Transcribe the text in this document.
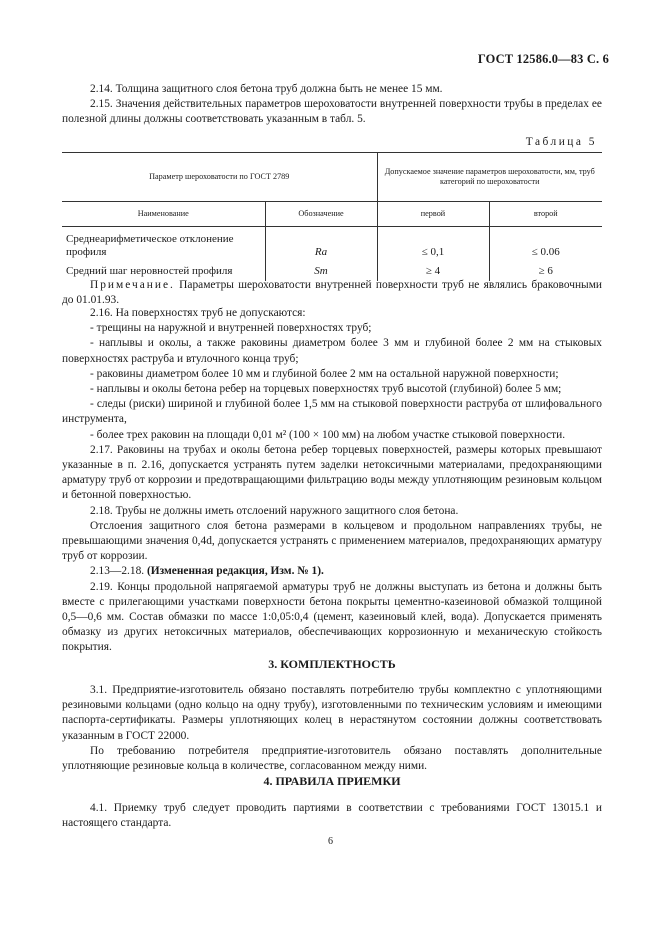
ГОСТ 12586.0—83 С. 6

2.14. Толщина защитного слоя бетона труб должна быть не менее 15 мм.

2.15. Значения действительных параметров шероховатости внутренней поверхности трубы в пределах ее полезной длины должны соответствовать указанным в табл. 5.

Таблица 5
Параметр шероховатости по ГОСТ 2789		Допускаемое значение параметров шероховатости, мм, труб категорий по шероховатости	
Наименование	Обозначение	первой	второй
Среднеарифметическое отклонение профиля	Ra	≤ 0,1	≤ 0.06
Средний шаг неровностей профиля	Sm	≥ 4	≥ 6

Примечание. Параметры шероховатости внутренней поверхности труб не являлись браковочными до 01.01.93.

2.16. На поверхностях труб не допускаются:

- трещины на наружной и внутренней поверхностях труб;

- наплывы и околы, а также раковины диаметром более 3 мм и глубиной более 2 мм на стыковых поверхностях раструба и втулочного конца труб;

- раковины диаметром более 10 мм и глубиной более 2 мм на остальной наружной поверхности;

- наплывы и околы бетона ребер на торцевых поверхностях труб высотой (глубиной) более 5 мм;

- следы (риски) шириной и глубиной более 1,5 мм на стыковой поверхности раструба от шлифовального инструмента,

- более трех раковин на площади 0,01 м² (100 × 100 мм) на любом участке стыковой поверхности.

2.17. Раковины на трубах и околы бетона ребер торцевых поверхностей, размеры которых превышают указанные в п. 2.16, допускается устранять путем заделки нетоксичными материалами, предохраняющими арматуру труб от коррозии и предотвращающими фильтрацию воды между уплотняющим резиновым кольцом и бетонной поверхностью.

2.18. Трубы не должны иметь отслоений наружного защитного слоя бетона.

Отслоения защитного слоя бетона размерами в кольцевом и продольном направлениях трубы, не превышающими значения 0,4d, допускается устранять с применением материалов, предохраняющих арматуру труб от коррозии.

2.13—2.18. (Измененная редакция, Изм. № 1).

2.19. Концы продольной напрягаемой арматуры труб не должны выступать из бетона и должны быть вместе с прилегающими участками поверхности бетона покрыты цементно-казеиновой обмазкой толщиной 0,5—0,6 мм. Состав обмазки по массе 1:0,05:0,4 (цемент, казеиновый клей, вода). Допускается применять обмазку из других нетоксичных материалов, обеспечивающих коррозионную и механическую стойкость покрытия.

3. КОМПЛЕКТНОСТЬ

3.1. Предприятие-изготовитель обязано поставлять потребителю трубы комплектно с уплотняющими резиновыми кольцами (одно кольцо на одну трубу), изготовленными по техническим условиям и имеющими паспорта-сертификаты. Размеры уплотняющих колец в нерастянутом состоянии должны соответствовать указанным в ГОСТ 22000.

По требованию потребителя предприятие-изготовитель обязано поставлять дополнительные уплотняющие резиновые кольца в количестве, согласованном между ними.

4. ПРАВИЛА ПРИЕМКИ

4.1. Приемку труб следует проводить партиями в соответствии с требованиями ГОСТ 13015.1 и настоящего стандарта.

6
